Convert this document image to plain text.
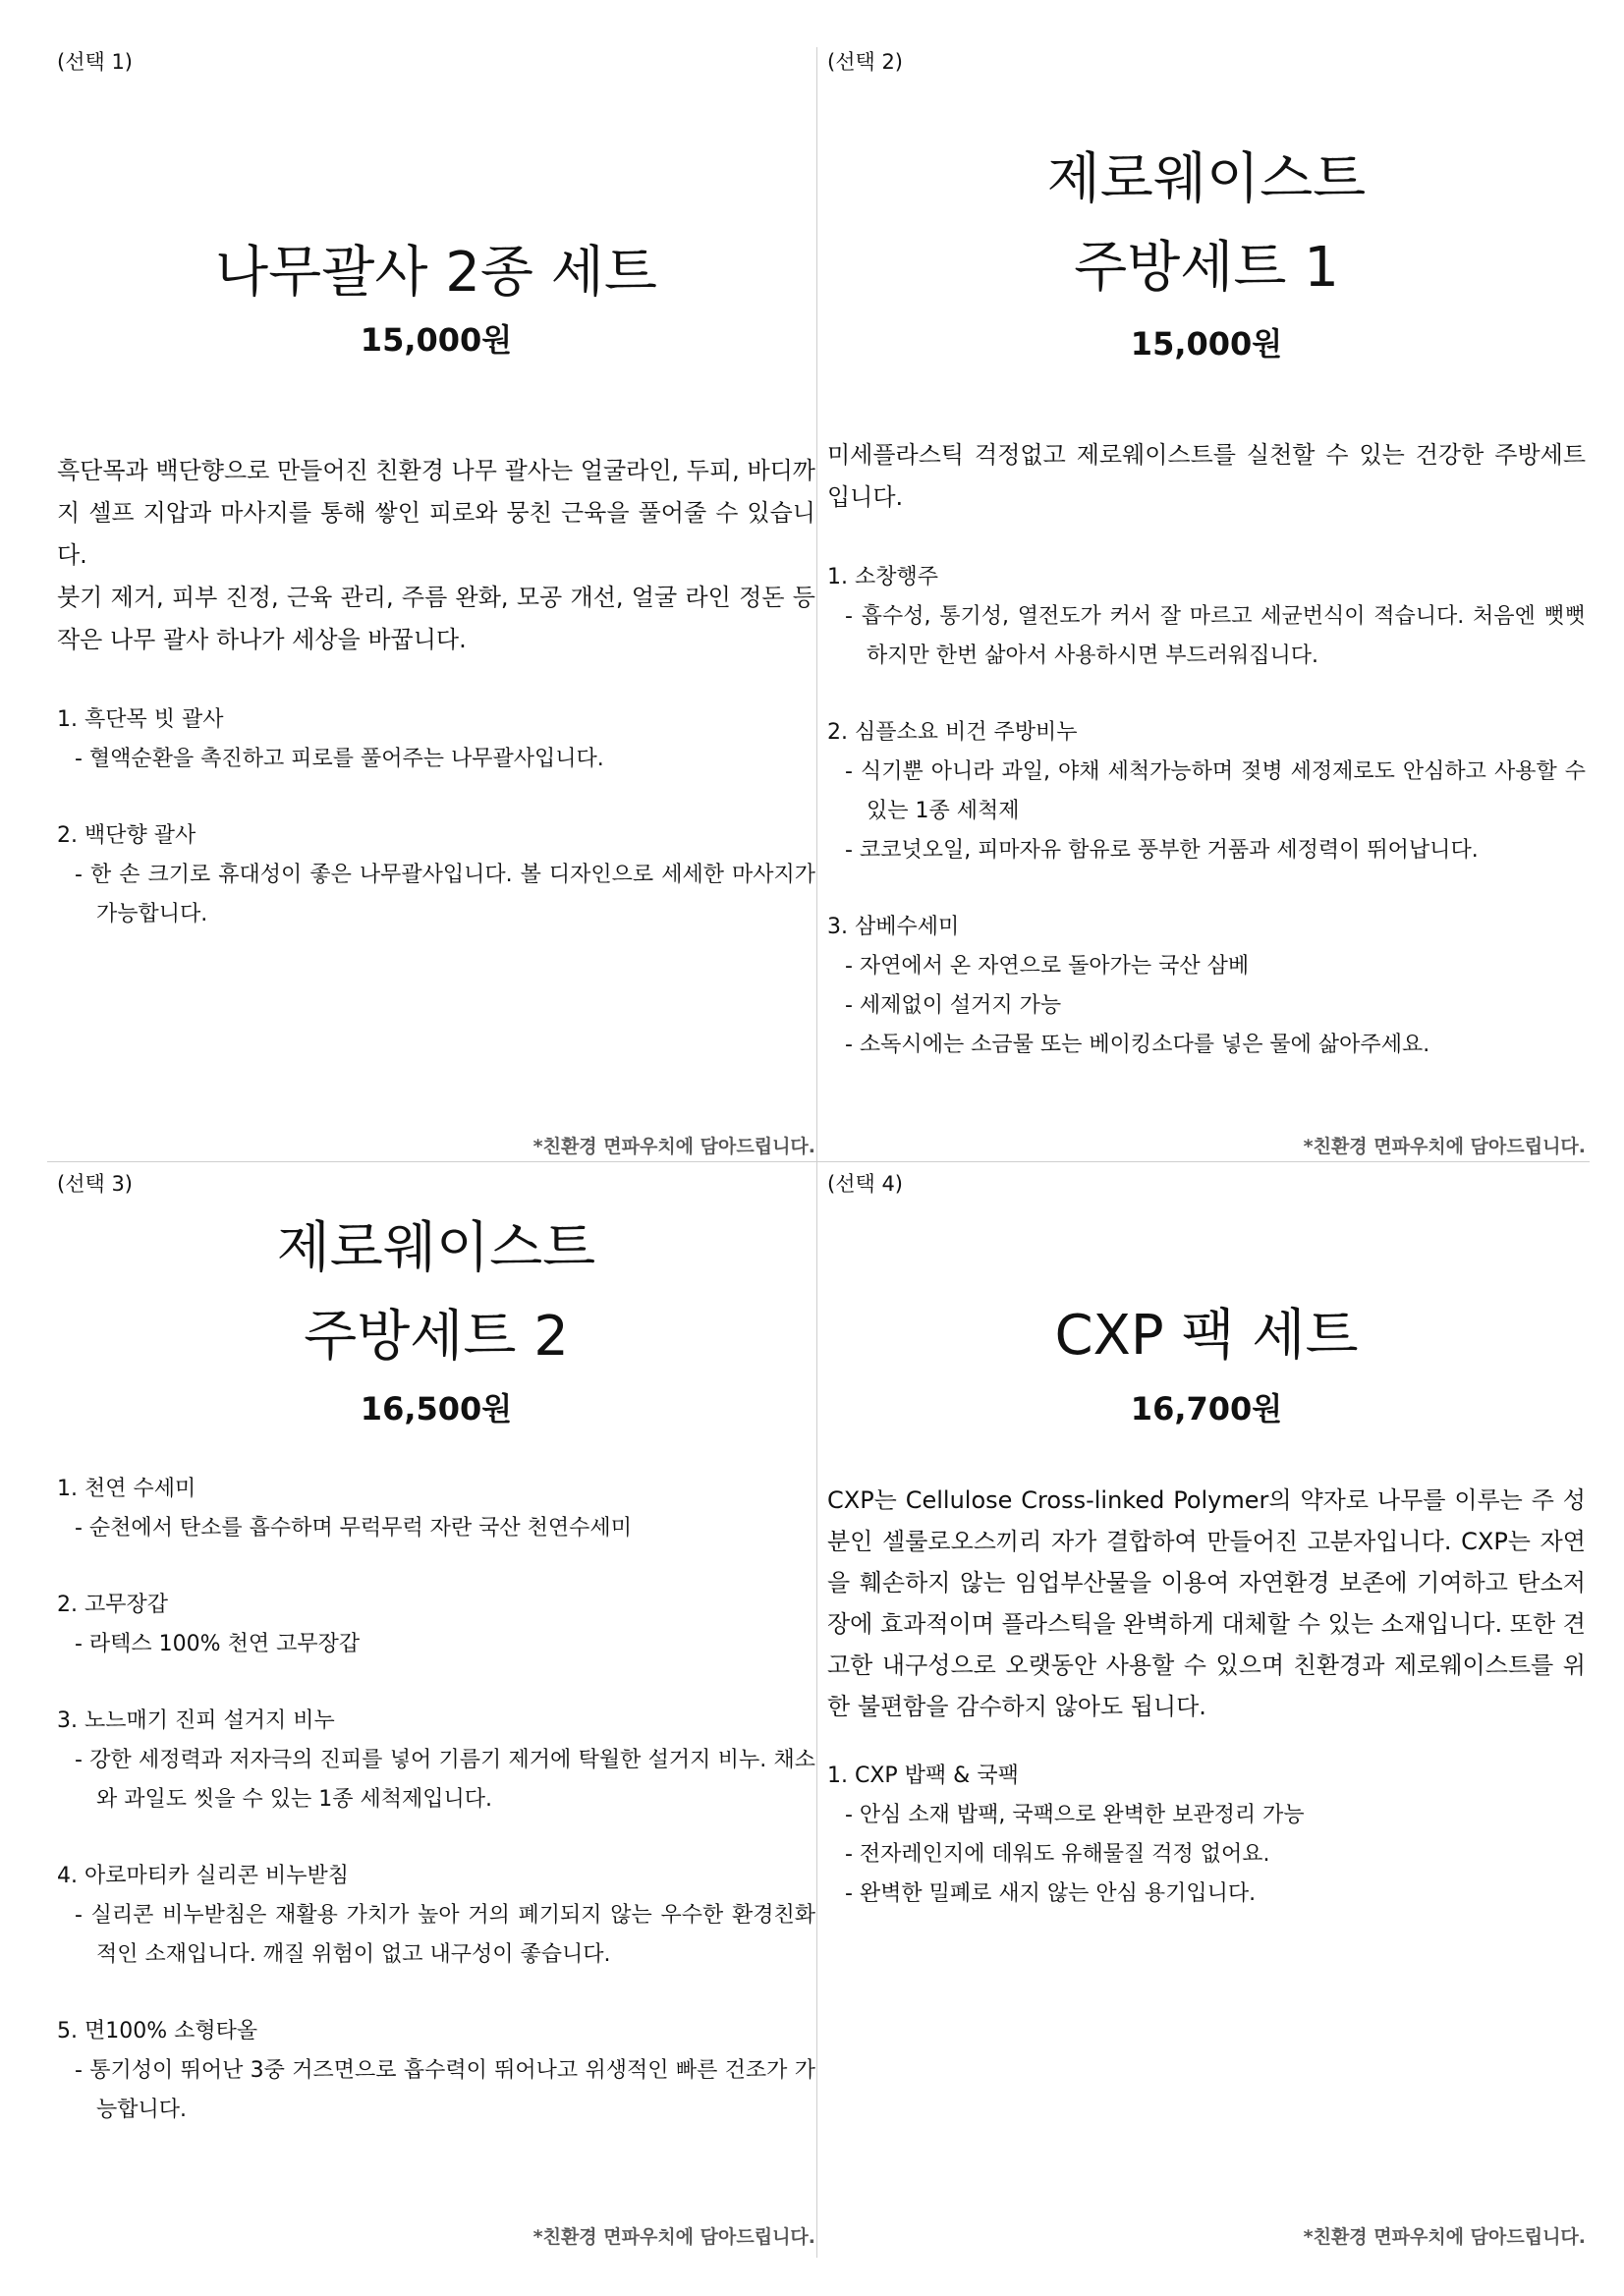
(선택 1)
나무괄사 2종 세트
15,000원

흑단목과 백단향으로 만들어진 친환경 나무 괄사는 얼굴라인, 두피, 바디까지 셀프 지압과 마사지를 통해 쌓인 피로와 뭉친 근육을 풀어줄 수 있습니다.

붓기 제거, 피부 진정, 근육 관리, 주름 완화, 모공 개선, 얼굴 라인 정돈 등 작은 나무 괄사 하나가 세상을 바꿉니다.

1. 흑단목 빗 괄사
- 혈액순환을 촉진하고 피로를 풀어주는 나무괄사입니다.
2. 백단향 괄사
- 한 손 크기로 휴대성이 좋은 나무괄사입니다. 볼 디자인으로 세세한 마사지가 가능합니다.
*친환경 면파우치에 담아드립니다.
(선택 2)
제로웨이스트
주방세트 1
15,000원

미세플라스틱 걱정없고 제로웨이스트를 실천할 수 있는 건강한 주방세트입니다.

1. 소창행주
- 흡수성, 통기성, 열전도가 커서 잘 마르고 세균번식이 적습니다. 처음엔 뻣뻣하지만 한번 삶아서 사용하시면 부드러워집니다.
2. 심플소요 비건 주방비누
- 식기뿐 아니라 과일, 야채 세척가능하며 젖병 세정제로도 안심하고 사용할 수 있는 1종 세척제
- 코코넛오일, 피마자유 함유로 풍부한 거품과 세정력이 뛰어납니다.
3. 삼베수세미
- 자연에서 온 자연으로 돌아가는 국산 삼베
- 세제없이 설거지 가능
- 소독시에는 소금물 또는 베이킹소다를 넣은 물에 삶아주세요.
*친환경 면파우치에 담아드립니다.
(선택 3)
제로웨이스트
주방세트 2
16,500원
1. 천연 수세미
- 순천에서 탄소를 흡수하며 무럭무럭 자란 국산 천연수세미
2. 고무장갑
- 라텍스 100% 천연 고무장갑
3. 노느매기 진피 설거지 비누
- 강한 세정력과 저자극의 진피를 넣어 기름기 제거에 탁월한 설거지 비누. 채소와 과일도 씻을 수 있는 1종 세척제입니다.
4. 아로마티카 실리콘 비누받침
- 실리콘 비누받침은 재활용 가치가 높아 거의 폐기되지 않는 우수한 환경친화적인 소재입니다. 깨질 위험이 없고 내구성이 좋습니다.
5. 면100% 소형타올
- 통기성이 뛰어난 3중 거즈면으로 흡수력이 뛰어나고 위생적인 빠른 건조가 가능합니다.
*친환경 면파우치에 담아드립니다.
(선택 4)
CXP 팩 세트
16,700원

CXP는 Cellulose Cross-linked Polymer의 약자로 나무를 이루는 주 성분인 셀룰로오스끼리 자가 결합하여 만들어진 고분자입니다. CXP는 자연을 훼손하지 않는 임업부산물을 이용여 자연환경 보존에 기여하고 탄소저장에 효과적이며 플라스틱을 완벽하게 대체할 수 있는 소재입니다. 또한 견고한 내구성으로 오랫동안 사용할 수 있으며 친환경과 제로웨이스트를 위한 불편함을 감수하지 않아도 됩니다.

1. CXP 밥팩 & 국팩
- 안심 소재 밥팩, 국팩으로 완벽한 보관정리 가능
- 전자레인지에 데워도 유해물질 걱정 없어요.
- 완벽한 밀폐로 새지 않는 안심 용기입니다.
*친환경 면파우치에 담아드립니다.
